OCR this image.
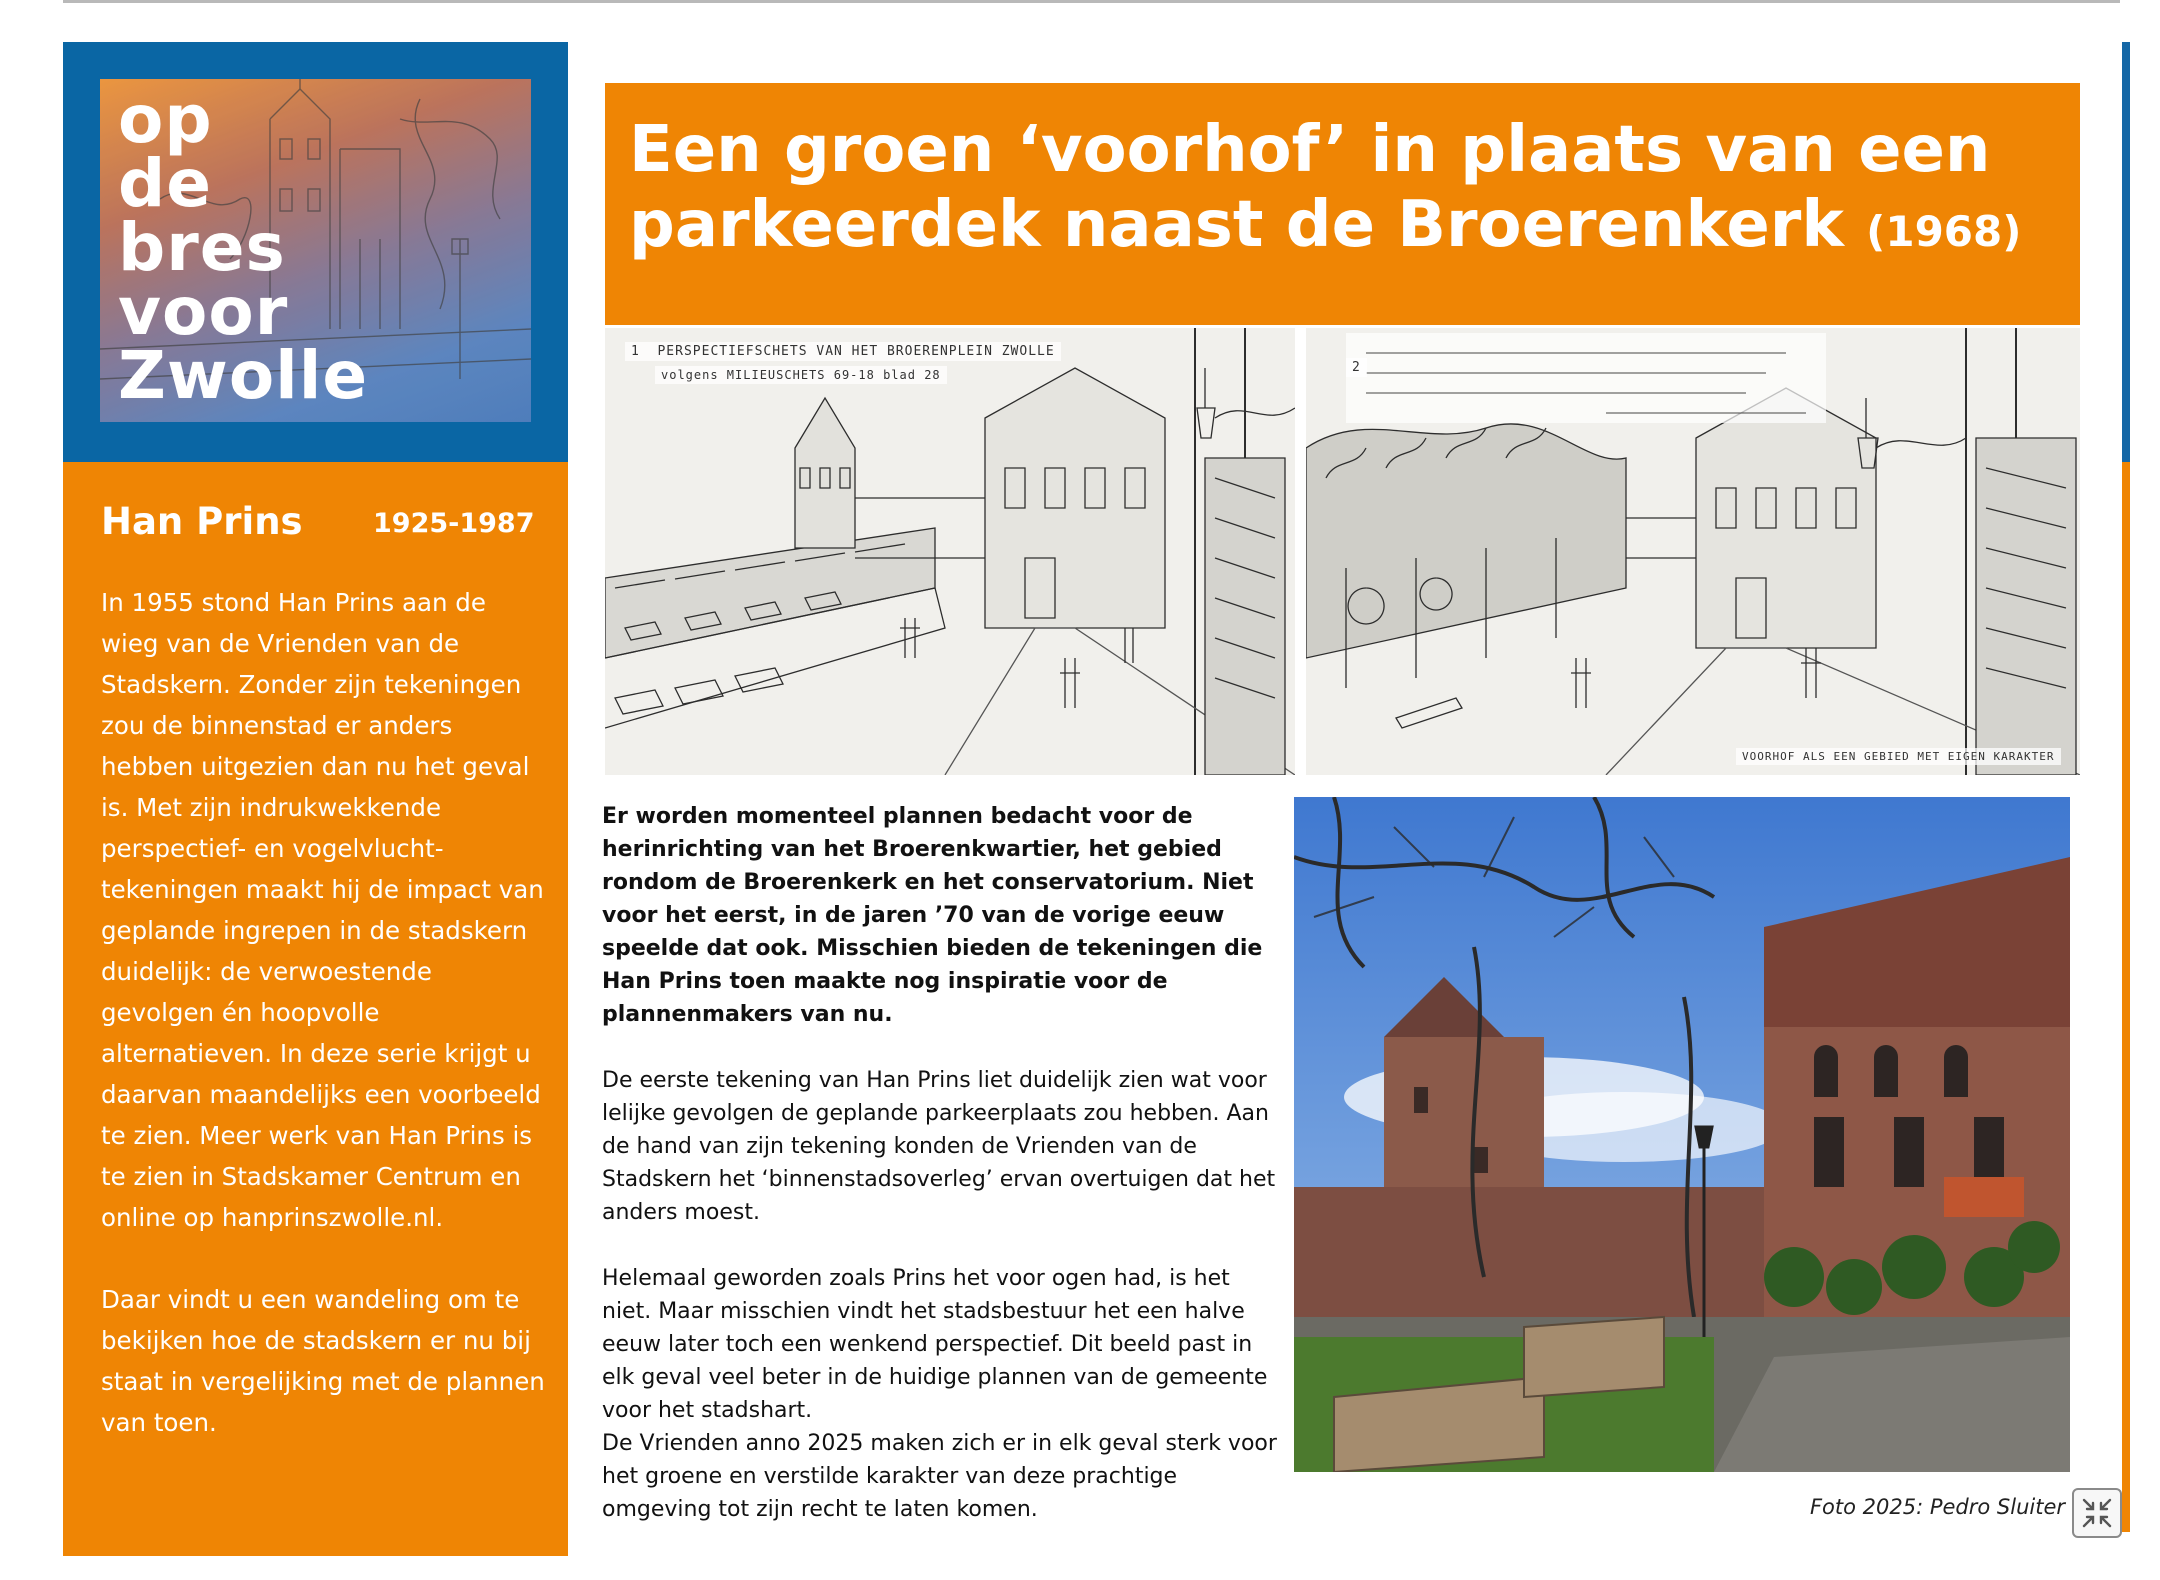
op
de
bres
voor
Zwolle
Han Prins	1925-1987

In 1955 stond Han Prins aan de wieg van de Vrienden van de Stadskern. Zonder zijn tekeningen zou de binnenstad er anders hebben uitgezien dan nu het geval is. Met zijn indrukwekkende perspectief- en vogelvlucht-tekeningen maakt hij de impact van geplande ingrepen in de stadskern duidelijk: de verwoestende gevolgen én hoopvolle alternatieven. In deze serie krijgt u daarvan maandelijks een voorbeeld te zien. Meer werk van Han Prins is te zien in Stadskamer Centrum en online op hanprinszwolle.nl.

Daar vindt u een wandeling om te bekijken hoe de stadskern er nu bij staat in vergelijking met de plannen van toen.

Een groen ‘voorhof’ in plaats van een parkeerdek naast de Broerenkerk (1968)
1 PERSPECTIEFSCHETS VAN HET BROERENPLEIN ZWOLLE
volgens MILIEUSCHETS 69-18 blad 28	2
VOORHOF ALS EEN GEBIED MET EIGEN KARAKTER

Er worden momenteel plannen bedacht voor de herinrichting van het Broerenkwartier, het gebied rondom de Broerenkerk en het conservatorium. Niet voor het eerst, in de jaren ’70 van de vorige eeuw speelde dat ook. Misschien bieden de tekeningen die Han Prins toen maakte nog inspiratie voor de plannenmakers van nu.

De eerste tekening van Han Prins liet duidelijk zien wat voor lelijke gevolgen de geplande parkeerplaats zou hebben. Aan de hand van zijn tekening konden de Vrienden van de Stadskern het ‘binnenstadsoverleg’ ervan overtuigen dat het anders moest.

Helemaal geworden zoals Prins het voor ogen had, is het niet. Maar misschien vindt het stadsbestuur het een halve eeuw later toch een wenkend perspectief. Dit beeld past in elk geval veel beter in de huidige plannen van de gemeente voor het stadshart.

De Vrienden anno 2025 maken zich er in elk geval sterk voor het groene en verstilde karakter van deze prachtige omgeving tot zijn recht te laten komen.	Foto 2025: Pedro Sluiter
